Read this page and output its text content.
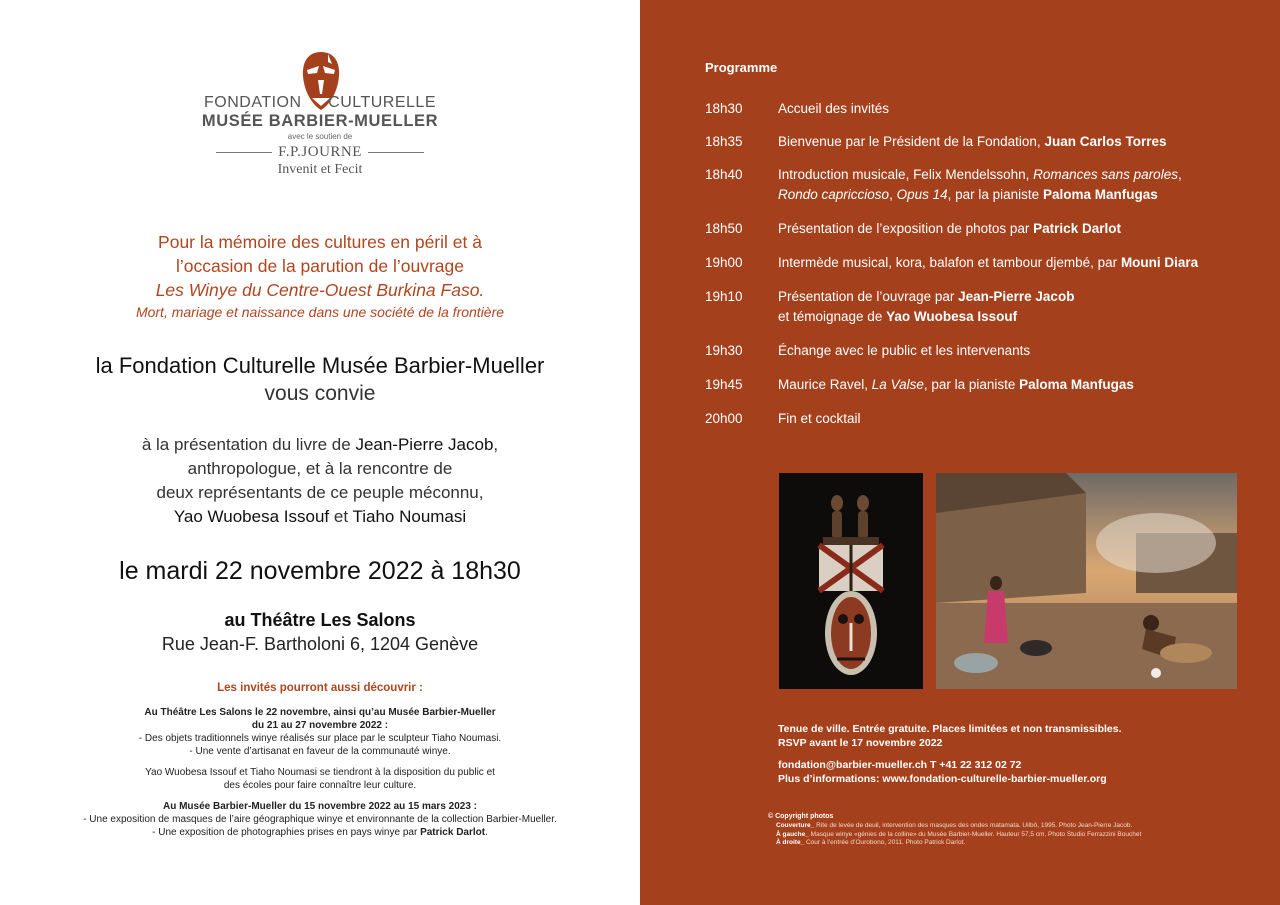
FONDATION CULTURELLE
MUSÉE BARBIER-MUELLER
avec le soutien de
F.P.JOURNE
Invenit et Fecit
Pour la mémoire des cultures en péril et à
l’occasion de la parution de l’ouvrage
Les Winye du Centre-Ouest Burkina Faso.
Mort, mariage et naissance dans une société de la frontière
la Fondation Culturelle Musée Barbier-Mueller
vous convie
à la présentation du livre de Jean-Pierre Jacob,
anthropologue, et à la rencontre de
deux représentants de ce peuple méconnu,
Yao Wuobesa Issouf et Tiaho Noumasi
le mardi 22 novembre 2022 à 18h30
au Théâtre Les Salons
Rue Jean-F. Bartholoni 6, 1204 Genève
Les invités pourront aussi découvrir :

Au Théâtre Les Salons le 22 novembre, ainsi qu’au Musée Barbier-Mueller
du 21 au 27 novembre 2022 :
- Des objets traditionnels winye réalisés sur place par le sculpteur Tiaho Noumasi.
- Une vente d’artisanat en faveur de la communauté winye.

Yao Wuobesa Issouf et Tiaho Noumasi se tiendront à la disposition du public et
des écoles pour faire connaître leur culture.

Au Musée Barbier-Mueller du 15 novembre 2022 au 15 mars 2023 :
- Une exposition de masques de l’aire géographique winye et environnante de la collection Barbier-Mueller.
- Une exposition de photographies prises en pays winye par Patrick Darlot.

Programme
18h30	Accueil des invités
18h35	Bienvenue par le Président de la Fondation, Juan Carlos Torres
18h40	Introduction musicale, Felix Mendelssohn, Romances sans paroles,
Rondo capriccioso, Opus 14, par la pianiste Paloma Manfugas
18h50	Présentation de l’exposition de photos par Patrick Darlot
19h00	Intermède musical, kora, balafon et tambour djembé, par Mouni Diara
19h10	Présentation de l’ouvrage par Jean-Pierre Jacob
et témoignage de Yao Wuobesa Issouf
19h30	Échange avec le public et les intervenants
19h45	Maurice Ravel, La Valse, par la pianiste Paloma Manfugas
20h00	Fin et cocktail
Tenue de ville. Entrée gratuite. Places limitées et non transmissibles.
RSVP avant le 17 novembre 2022
fondation@barbier-mueller.ch T +41 22 312 02 72
Plus d’informations: www.fondation-culturelle-barbier-mueller.org
© Copyright photos
Couverture_ Rite de levée de deuil, intervention des masques des ondes matamata. Uilbô, 1995. Photo Jean-Pierre Jacob.
À gauche_ Masque winye «génies de la colline» du Musée Barbier-Mueller. Hauteur 57,5 cm. Photo Studio Ferrazzini Bouchet
À droite_ Cour à l’entrée d’Ourobono, 2011. Photo Patrick Darlot.
